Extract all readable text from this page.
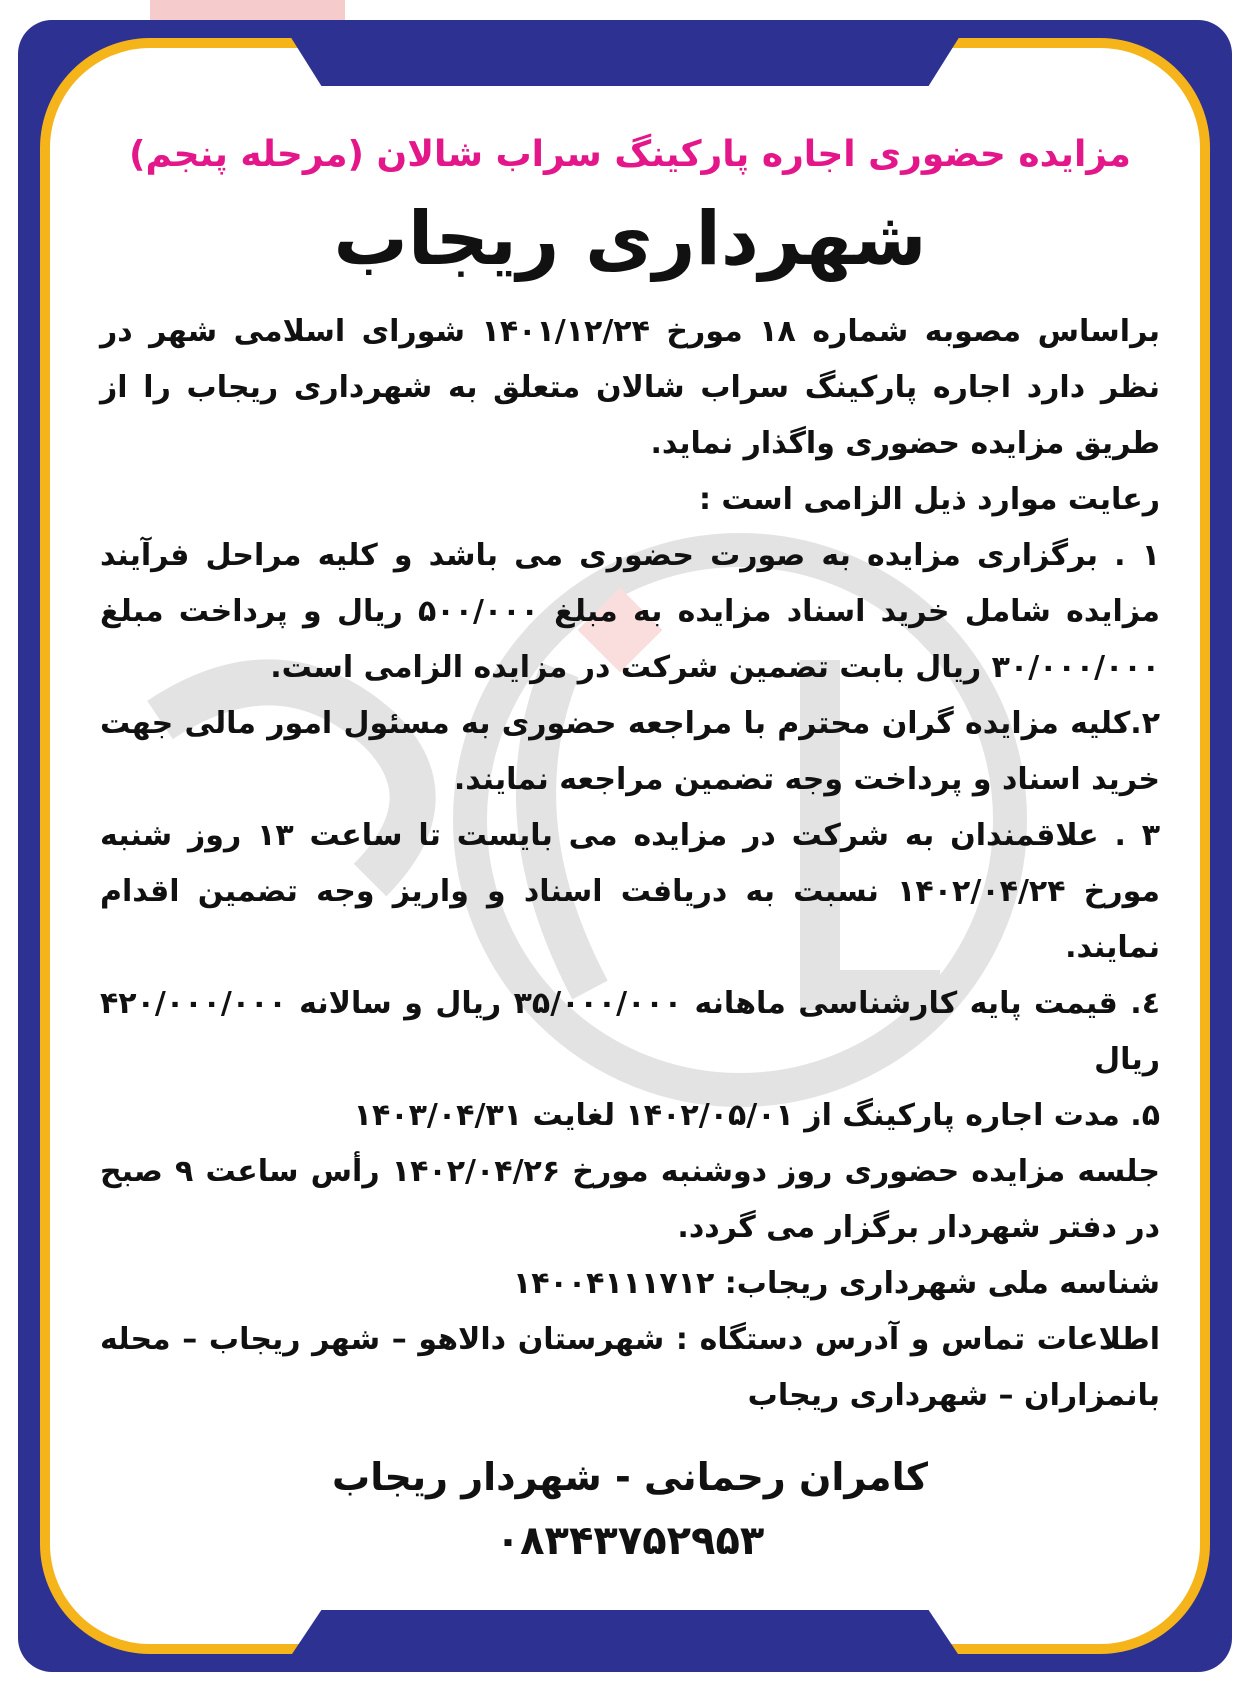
مزایده حضوری اجاره پارکینگ سراب شالان (مرحله پنجم)
شهرداری ریجاب

براساس مصوبه شماره ۱۸ مورخ ۱۴۰۱/۱۲/۲۴ شورای اسلامی شهر در نظر دارد اجاره پارکینگ سراب شالان متعلق به شهرداری ریجاب را از طریق مزایده حضوری واگذار نماید.

رعایت موارد ذیل الزامی است :

۱ . برگزاری مزایده به صورت حضوری می باشد و کلیه مراحل فرآیند مزایده شامل خرید اسناد مزایده به مبلغ ۵۰۰/۰۰۰ ریال و پرداخت مبلغ ۳۰/۰۰۰/۰۰۰ ریال بابت تضمین شرکت در مزایده الزامی است.

۲.کلیه مزایده گران محترم با مراجعه حضوری به مسئول امور مالی جهت خرید اسناد و پرداخت وجه تضمین مراجعه نمایند.

۳ . علاقمندان به شرکت در مزایده می بایست تا ساعت ۱۳ روز شنبه مورخ ۱۴۰۲/۰۴/۲۴ نسبت به دریافت اسناد و واریز وجه تضمین اقدام نمایند.

٤. قیمت پایه کارشناسی ماهانه ۳۵/۰۰۰/۰۰۰ ریال و سالانه ۴۲۰/۰۰۰/۰۰۰ ریال

۵. مدت اجاره پارکینگ از ۱۴۰۲/۰۵/۰۱ لغایت ۱۴۰۳/۰۴/۳۱

جلسه مزایده حضوری روز دوشنبه مورخ ۱۴۰۲/۰۴/۲۶ رأس ساعت ۹ صبح در دفتر شهردار برگزار می گردد.

شناسه ملی شهرداری ریجاب: ۱۴۰۰۴۱۱۱۷۱۲

اطلاعات تماس و آدرس دستگاه : شهرستان دالاهو – شهر ریجاب – محله بانمزاران – شهرداری ریجاب

کامران رحمانی - شهردار ریجاب
۰۸۳۴۳۷۵۲۹۵۳
